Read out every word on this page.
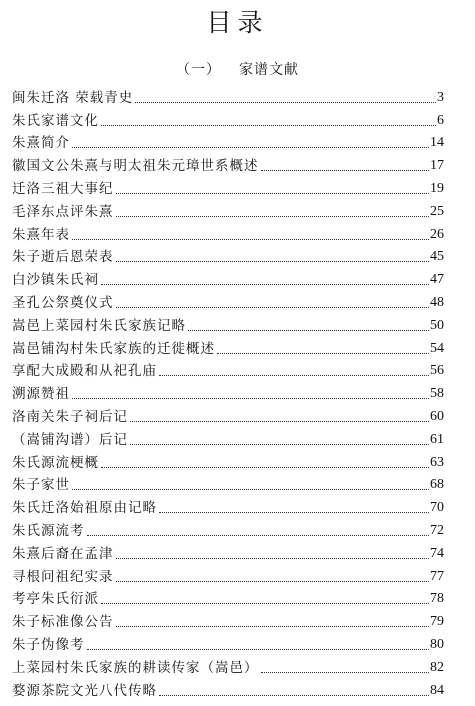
目录
（一） 家谱文献
闽朱迁洛 荣载青史	3
朱氏家谱文化	6
朱熹简介	14
徽国文公朱熹与明太祖朱元璋世系概述	17
迁洛三祖大事纪	19
毛泽东点评朱熹	25
朱熹年表	26
朱子逝后恩荣表	45
白沙镇朱氏祠	47
圣孔公祭奠仪式	48
嵩邑上菜园村朱氏家族记略	50
嵩邑铺沟村朱氏家族的迁徙概述	54
享配大成殿和从祀孔庙	56
溯源赞祖	58
洛南关朱子祠后记	60
（嵩铺沟谱）后记	61
朱氏源流梗概	63
朱子家世	68
朱氏迁洛始祖原由记略	70
朱氏源流考	72
朱熹后裔在孟津	74
寻根问祖纪实录	77
考亭朱氏衍派	78
朱子标准像公告	79
朱子伪像考	80
上菜园村朱氏家族的耕读传家（嵩邑）	82
婺源茶院文光八代传略	84
